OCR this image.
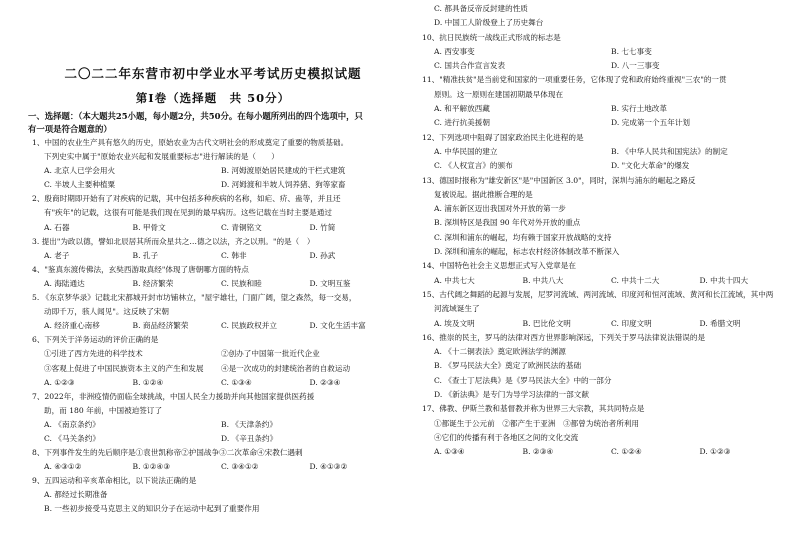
二〇二二年东营市初中学业水平考试历史模拟试题
第Ⅰ卷（选择题　共 50分）
一、选择题：（本大题共25小题，每小题2分，共50分。在每小题所列出的四个选项中，只
有一项是符合题意的）
1、中国的农业生产具有悠久的历史，原始农业为古代文明社会的形成奠定了重要的物质基础。
下列史实中属于"原始农业兴起和发展重要标志"进行解读的是（　　）
A. 北京人已学会用火	B. 河姆渡原始居民建成的干栏式建筑
C. 半坡人主要种植粟	D. 河姆渡和半坡人饲养猪、狗等家畜
2、殷商时期即开始有了对疾病的记载，其中包括多种疾病的名称，如疟、疥、蛊等，并且还
有"疾年"的记载，这很有可能是我们现在见到的最早病历。这些记载在当时主要是通过
A. 石器	B. 甲骨文	C. 青铜铭文	D. 竹简
3. 提出"为政以德，譬如北辰居其所而众星共之…德之以法，齐之以刑。"的是（　）
A. 老子	B. 孔子	C. 韩非	D. 孙武
4、"鉴真东渡传佛法，玄奘西游取真经"体现了唐朝哪方面的特点
A. 海陆通达	B. 经济繁荣	C. 民族和睦	D. 文明互鉴
5. 《东京梦华录》记载北宋都城开封市坊铺林立，"屋宇雄壮，门面广阔，望之森然，每一交易，
动即千万，骇人闻见"。这反映了宋朝
A. 经济重心南移	B. 商品经济繁荣	C. 民族政权并立	D. 文化生活丰富
6、下列关于洋务运动的评价正确的是
①引进了西方先进的科学技术	②创办了中国第一批近代企业
③客观上促进了中国民族资本主义的产生和发展	④是一次成功的封建统治者的自救运动
A. ①②③	B. ①②④	C. ①③④	D. ②③④
7、2022年，非洲疫情仍面临全球挑战，中国人民全力援助并向其他国家提供医药援
助，而 180 年前，中国被迫签订了
A. 《南京条约》	B. 《天津条约》
C. 《马关条约》	D. 《辛丑条约》
8、下列事件发生的先后顺序是①袁世凯称帝②护国战争③二次革命④宋教仁遇刺
A. ④③①②	B. ①②④③	C. ③④①②	D. ④①③②
9、五四运动和辛亥革命相比，以下说法正确的是
A. 都经过长期准备
B. 一些初步接受马克思主义的知识分子在运动中起到了重要作用
C. 都具备反帝反封建的性质
D. 中国工人阶级登上了历史舞台
10、抗日民族统一战线正式形成的标志是
A. 西安事变	B. 七七事变
C. 国共合作宣言发表	D. 八一三事变
11、"精准扶贫"是当前党和国家的一项重要任务，它体现了党和政府始终重视"三农"的一贯
原则。这一原则在建国初期最早体现在
A. 和平解放西藏	B. 实行土地改革
C. 进行抗美援朝	D. 完成第一个五年计划
12、下列选项中阻碍了国家政治民主化进程的是
A. 中华民国的建立	B. 《中华人民共和国宪法》的制定
C. 《人权宣言》的颁布	D. "文化大革命"的爆发
13、德国时报称为"雄安新区"是"中国新区 3.0"，同时，深圳与浦东的崛起之路反
复被说起。据此推断合理的是
A. 浦东新区迈出我国对外开放的第一步
B. 深圳特区是我国 90 年代对外开放的重点
C. 深圳和浦东的崛起，均有赖于国家开放战略的支持
D. 深圳和浦东的崛起，标志农村经济体制改革不断深入
14、中国特色社会主义思想正式写入党章是在
A. 中共七大	B. 中共八大	C. 中共十二大	D. 中共十四大
15、古代阔之舞蹈的起源与发展，尼罗河流域、两河流域、印度河和恒河流域、黄河和长江流域，其中两
河流域诞生了
A. 埃及文明	B. 巴比伦文明	C. 印度文明	D. 希腊文明
16、推崇的民主，罗马的法律对西方世界影响深远，下列关于罗马法律说法错误的是
A. 《十二铜表法》奠定欧洲法学的渊源
B. 《罗马民法大全》奠定了欧洲民法的基础
C. 《查士丁尼法典》是《罗马民法大全》中的一部分
D. 《新法典》是专门为导学习法律的一部文献
17、佛教、伊斯兰教和基督教并称为世界三大宗教，其共同特点是
①都诞生于公元前　②都产生于亚洲　③都曾为统治者所利用
④它们的传播有利于各地区之间的文化交流
A. ①③④	B. ②③④	C. ①②④	D. ①②③
